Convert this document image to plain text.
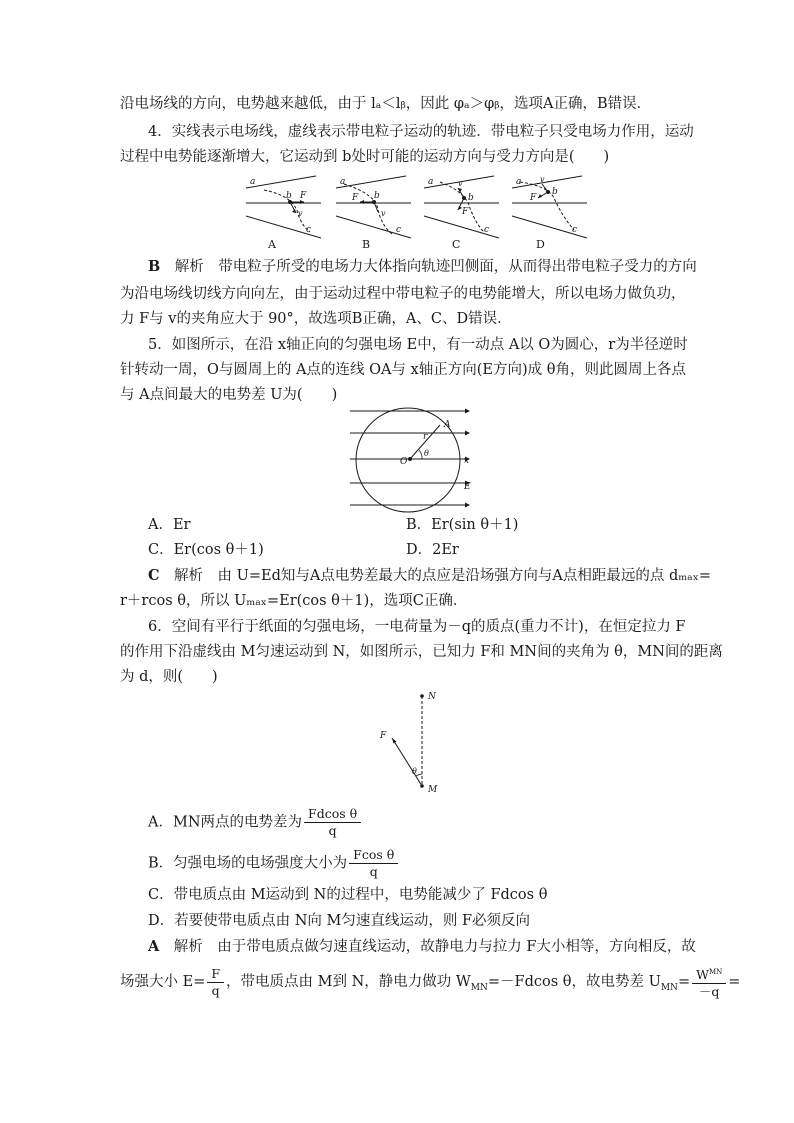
沿电场线的方向，电势越来越低，由于 lₐ＜lᵦ，因此 φₐ＞φᵦ，选项A正确，B错误．
4．实线表示电场线，虚线表示带电粒子运动的轨迹．带电粒子只受电场力作用，运动
过程中电势能逐渐增大，它运动到 b处时可能的运动方向与受力方向是(　　)
a
b F
v
c
A
a
b
F
v
c
B
a
b
F
v
c
C
a
b
F
v
c
D
B　 解析　带电粒子所受的电场力大体指向轨迹凹侧面，从而得出带电粒子受力的方向
为沿电场线切线方向向左，由于运动过程中带电粒子的电势能增大，所以电场力做负功，
力 F与 v的夹角应大于 90°，故选项B正确，A、C、D错误．
5．如图所示，在沿 x轴正向的匀强电场 E中，有一动点 A以 O为圆心，r为半径逆时
针转动一周，O与圆周上的 A点的连线 OA与 x轴正方向(E方向)成 θ角，则此圆周上各点
与 A点间最大的电势差 U为(　　)
A
r
O
θ
x
E
A．Er	B．Er(sin θ＋1)
C．Er(cos θ＋1)	D．2Er
C　 解析　由 U=Ed知与A点电势差最大的点应是沿场强方向与A点相距最远的点 dₘₐₓ=
r＋rcos θ，所以 Uₘₐₓ=Er(cos θ＋1)，选项C正确．
6．空间有平行于纸面的匀强电场，一电荷量为－q的质点(重力不计)，在恒定拉力 F
的作用下沿虚线由 M匀速运动到 N，如图所示，已知力 F和 MN间的夹角为 θ，MN间的距离
为 d，则(　　)
N
M
F
θ
A．MN两点的电势差为 $\frac{\text{Fdcos θ}}{q}$
B．匀强电场的电场强度大小为 $\frac{\text{Fcos θ}}{q}$
C．带电质点由 M运动到 N的过程中，电势能减少了 Fdcos θ
D．若要使带电质点由 N向 M匀速直线运动，则 F必须反向
A　 解析　由于带电质点做匀速直线运动，故静电力与拉力 F大小相等，方向相反，故
场强大小 $E= \frac{F}{q}$ ，带电质点由 M到 N，静电力做功 $W_{MN}=-Fdcos$ θ，故电势差 $U_{MN}= \frac{W^{MN}}{-q}$ =
